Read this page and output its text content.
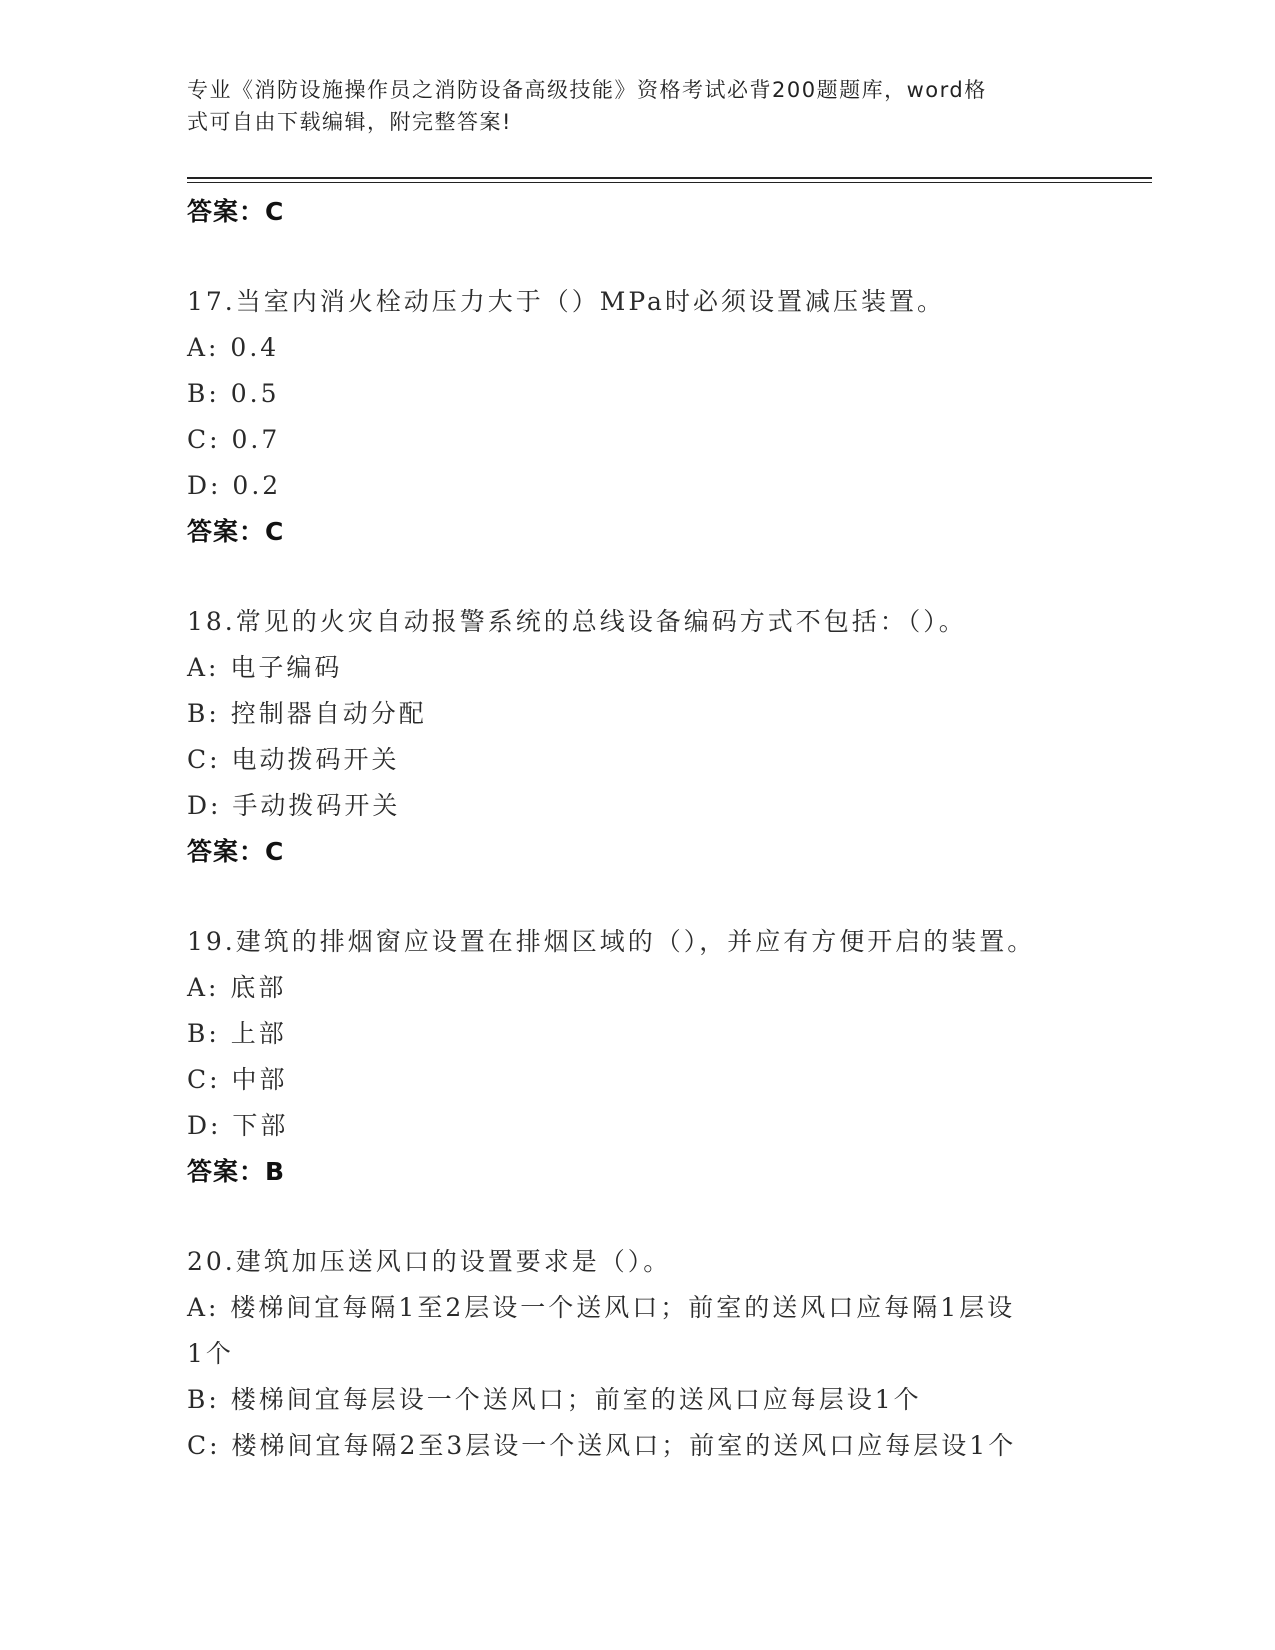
专业《消防设施操作员之消防设备高级技能》资格考试必背200题题库，word格
式可自由下载编辑，附完整答案!
答案：C
17.当室内消火栓动压力大于（）MPa时必须设置减压装置。
A: 0.4
B: 0.5
C: 0.7
D: 0.2
答案：C
18.常见的火灾自动报警系统的总线设备编码方式不包括：（）。
A: 电子编码
B: 控制器自动分配
C: 电动拨码开关
D: 手动拨码开关
答案：C
19.建筑的排烟窗应设置在排烟区域的（），并应有方便开启的装置。
A: 底部
B: 上部
C: 中部
D: 下部
答案：B
20.建筑加压送风口的设置要求是（）。
A: 楼梯间宜每隔1至2层设一个送风口；前室的送风口应每隔1层设
1个
B: 楼梯间宜每层设一个送风口；前室的送风口应每层设1个
C: 楼梯间宜每隔2至3层设一个送风口；前室的送风口应每层设1个
